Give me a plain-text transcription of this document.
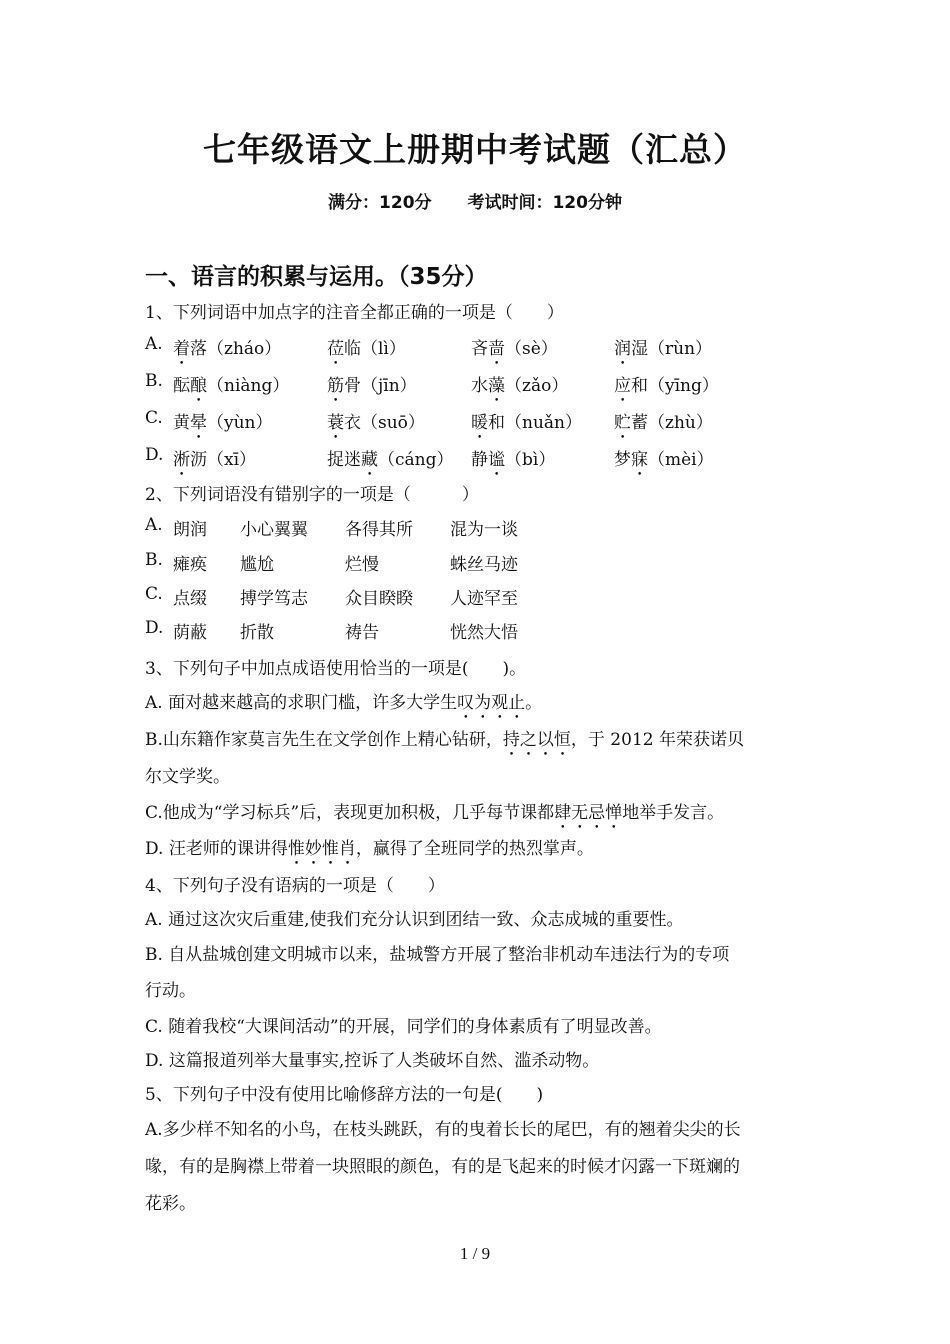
七年级语文上册期中考试题（汇总）
满分：120分 考试时间：120分钟
一、语言的积累与运用。（35分）
1、下列词语中加点字的注音全都正确的一项是（　　）
A. 着落（zháo）	莅临（lì）	吝啬（sè）	润湿（rùn）
B. 酝酿（niàng） 筋骨（jīn）	水藻（zǎo）	应和（yīng）
C. 黄晕（yùn）	蓑衣（suō）	暖和（nuǎn） 贮蓄（zhù）
D. 淅沥（xī）	捉迷藏（cáng） 静谧（bì）	梦寐（mèi）
2、下列词语没有错别字的一项是（　　　）
A. 朗润 小心翼翼 各得其所 混为一谈
B. 瘫痪 尴尬	烂慢	蛛丝马迹
C. 点缀 搏学笃志 众目睽睽 人迹罕至
D. 荫蔽 折散	祷告	恍然大悟
3、下列句子中加点成语使用恰当的一项是(　　)。
A. 面对越来越高的求职门槛，许多大学生叹为观止。
B.山东籍作家莫言先生在文学创作上精心钻研，持之以恒，于 2012 年荣获诺贝
尔文学奖。
C.他成为“学习标兵”后，表现更加积极，几乎每节课都肆无忌惮地举手发言。
D. 汪老师的课讲得惟妙惟肖，赢得了全班同学的热烈掌声。
4、下列句子没有语病的一项是（　　）
A. 通过这次灾后重建,使我们充分认识到团结一致、众志成城的重要性。
B. 自从盐城创建文明城市以来，盐城警方开展了整治非机动车违法行为的专项
行动。
C. 随着我校“大课间活动”的开展，同学们的身体素质有了明显改善。
D. 这篇报道列举大量事实,控诉了人类破坏自然、滥杀动物。
5、下列句子中没有使用比喻修辞方法的一句是(　　)
A.多少样不知名的小鸟，在枝头跳跃，有的曳着长长的尾巴，有的翘着尖尖的长
喙，有的是胸襟上带着一块照眼的颜色，有的是飞起来的时候才闪露一下斑斓的
花彩。
1 / 9
